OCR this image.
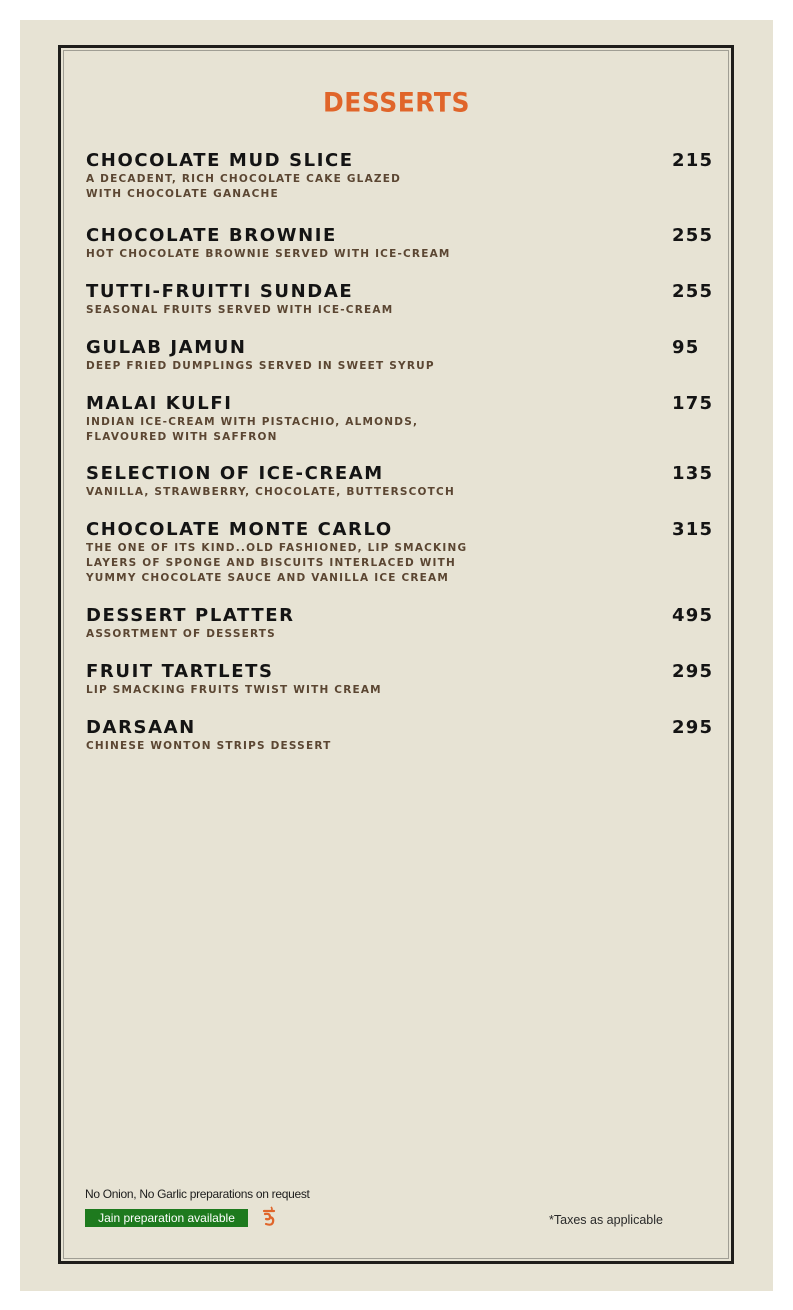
DESSERTS
CHOCOLATE MUD SLICE
A DECADENT, RICH CHOCOLATE CAKE GLAZED
WITH CHOCOLATE GANACHE
215
CHOCOLATE BROWNIE
HOT CHOCOLATE BROWNIE SERVED WITH ICE-CREAM
255
TUTTI-FRUITTI SUNDAE
SEASONAL FRUITS SERVED WITH ICE-CREAM
255
GULAB JAMUN
DEEP FRIED DUMPLINGS SERVED IN SWEET SYRUP
95
MALAI KULFI
INDIAN ICE-CREAM WITH PISTACHIO, ALMONDS,
FLAVOURED WITH SAFFRON
175
SELECTION OF ICE-CREAM
VANILLA, STRAWBERRY, CHOCOLATE, BUTTERSCOTCH
135
CHOCOLATE MONTE CARLO
THE ONE OF ITS KIND..OLD FASHIONED, LIP SMACKING
LAYERS OF SPONGE AND BISCUITS INTERLACED WITH
YUMMY CHOCOLATE SAUCE AND VANILLA ICE CREAM
315
DESSERT PLATTER
ASSORTMENT OF DESSERTS
495
FRUIT TARTLETS
LIP SMACKING FRUITS TWIST WITH CREAM
295
DARSAAN
CHINESE WONTON STRIPS DESSERT
295
No Onion, No Garlic preparations on request
Jain preparation available	*Taxes as applicable
